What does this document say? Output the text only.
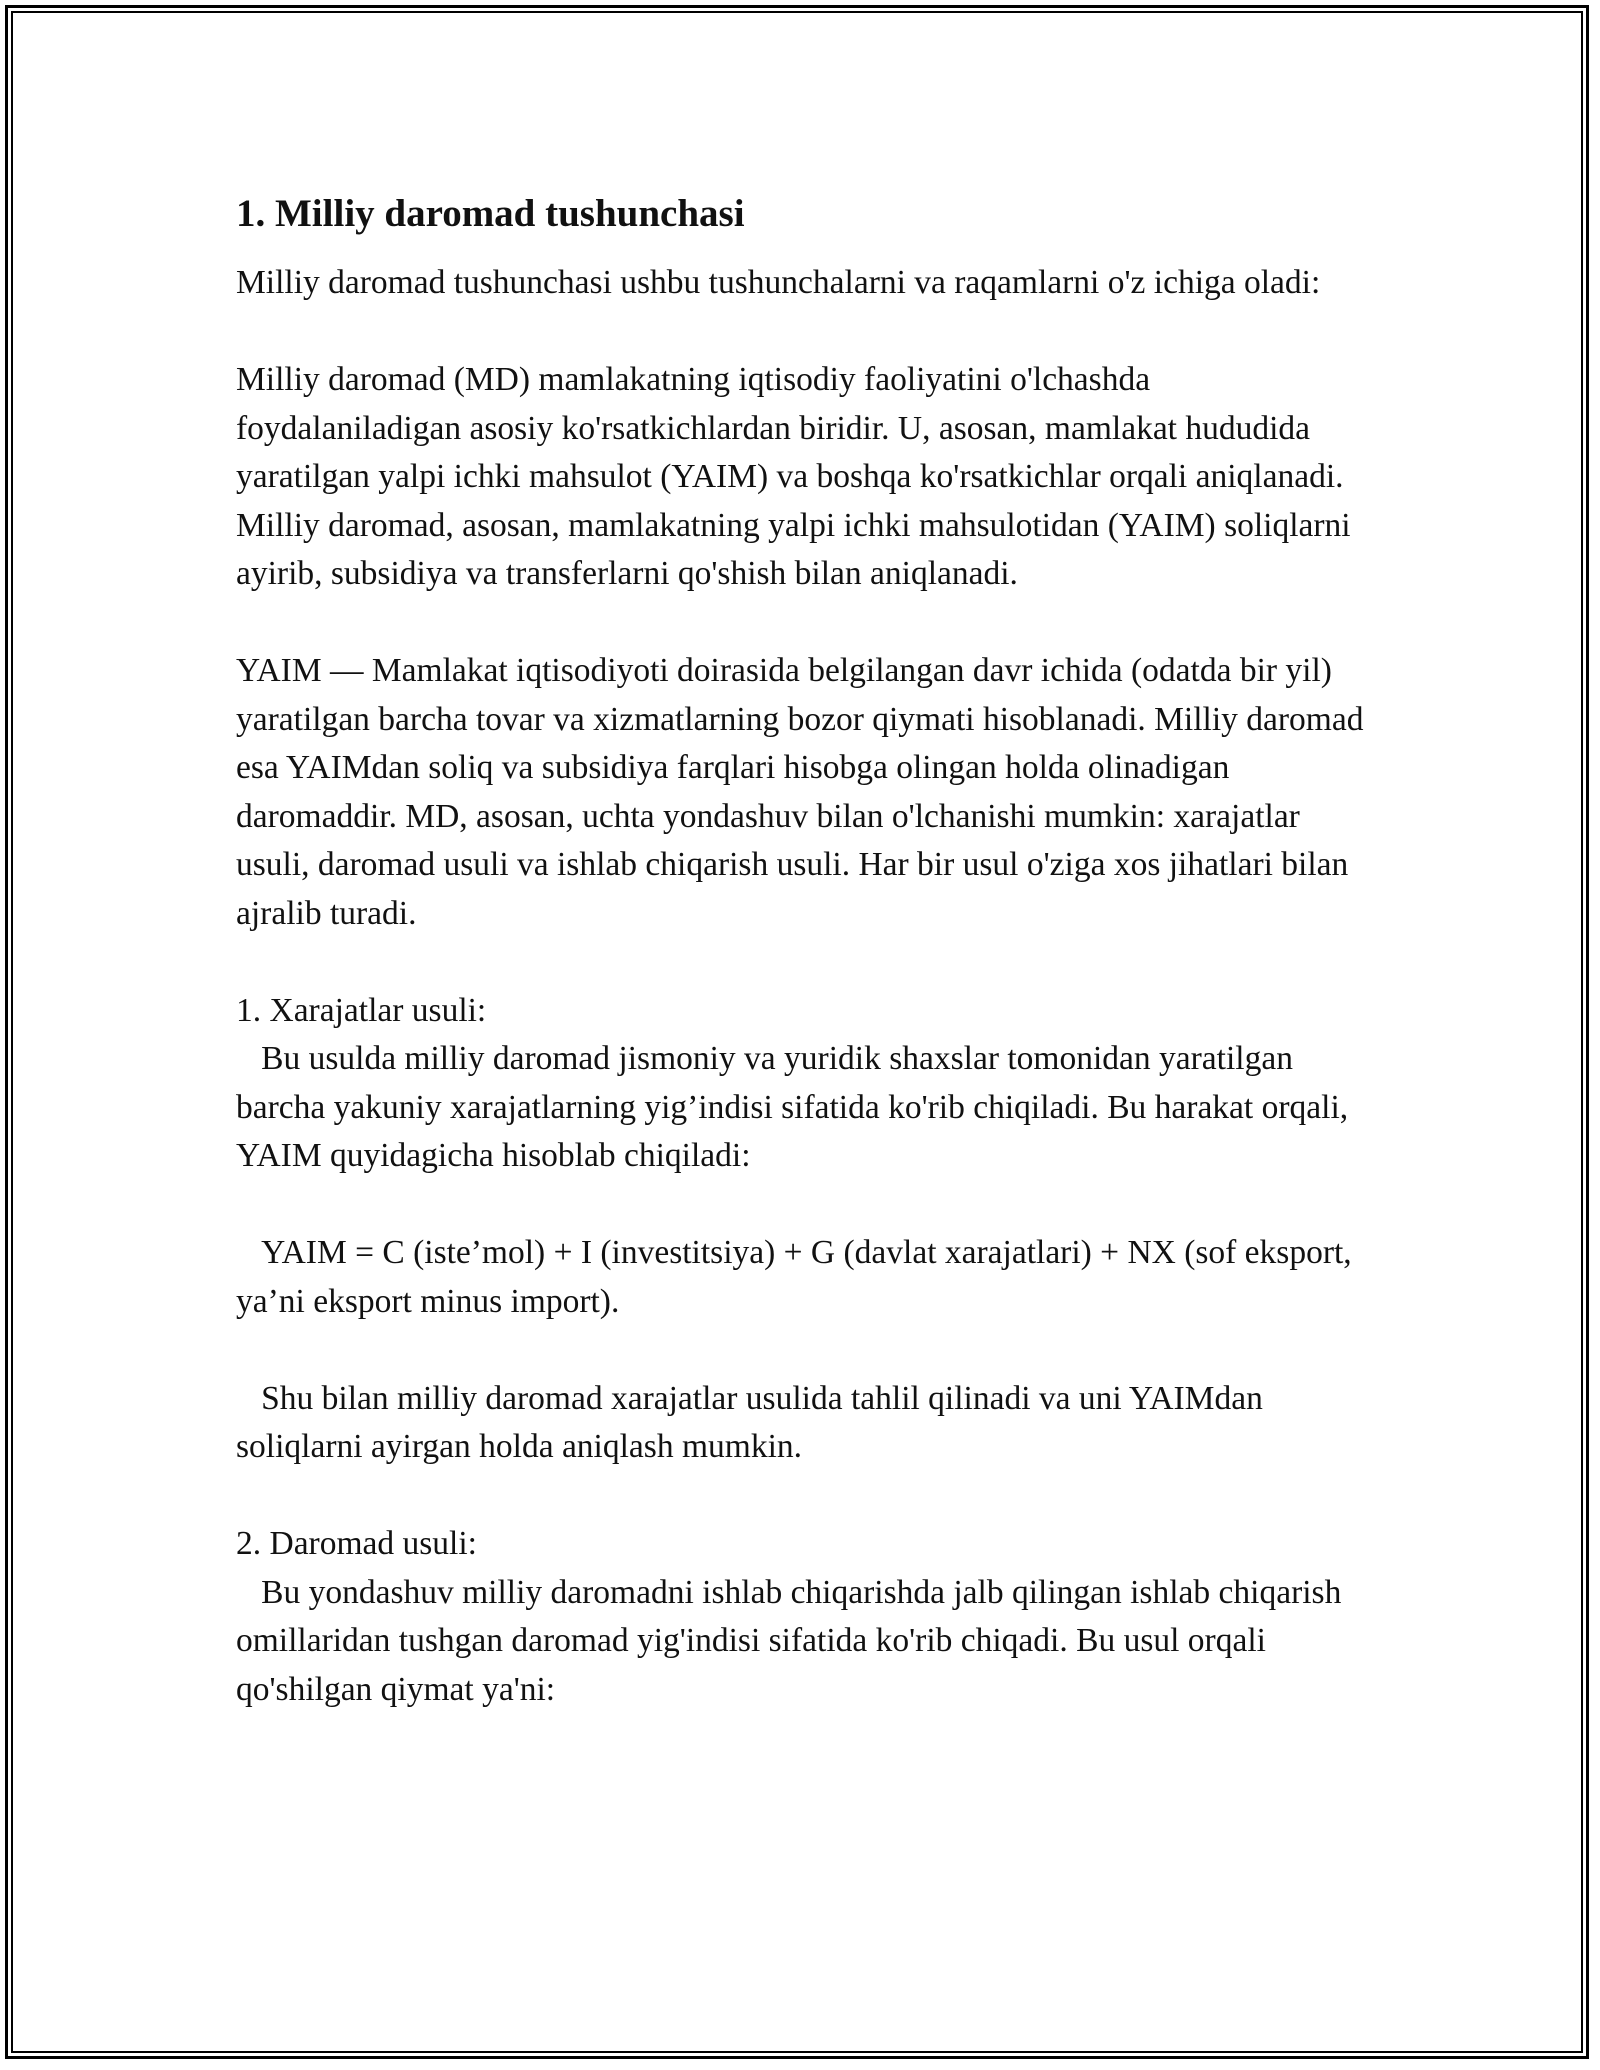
1. Milliy daromad tushunchasi

Milliy daromad tushunchasi ushbu tushunchalarni va raqamlarni o'z ichiga oladi:

Milliy daromad (MD) mamlakatning iqtisodiy faoliyatini o'lchashda foydalaniladigan asosiy ko'rsatkichlardan biridir. U, asosan, mamlakat hududida yaratilgan yalpi ichki mahsulot (YAIM) va boshqa ko'rsatkichlar orqali aniqlanadi. Milliy daromad, asosan, mamlakatning yalpi ichki mahsulotidan (YAIM) soliqlarni ayirib, subsidiya va transferlarni qo'shish bilan aniqlanadi.

YAIM — Mamlakat iqtisodiyoti doirasida belgilangan davr ichida (odatda bir yil) yaratilgan barcha tovar va xizmatlarning bozor qiymati hisoblanadi. Milliy daromad esa YAIMdan soliq va subsidiya farqlari hisobga olingan holda olinadigan daromaddir. MD, asosan, uchta yondashuv bilan o'lchanishi mumkin: xarajatlar usuli, daromad usuli va ishlab chiqarish usuli. Har bir usul o'ziga xos jihatlari bilan ajralib turadi.

1. Xarajatlar usuli:

Bu usulda milliy daromad jismoniy va yuridik shaxslar tomonidan yaratilgan barcha yakuniy xarajatlarning yig’indisi sifatida ko'rib chiqiladi. Bu harakat orqali, YAIM quyidagicha hisoblab chiqiladi:

YAIM = C (iste’mol) + I (investitsiya) + G (davlat xarajatlari) + NX (sof eksport, ya’ni eksport minus import).

Shu bilan milliy daromad xarajatlar usulida tahlil qilinadi va uni YAIMdan soliqlarni ayirgan holda aniqlash mumkin.

2. Daromad usuli:

Bu yondashuv milliy daromadni ishlab chiqarishda jalb qilingan ishlab chiqarish omillaridan tushgan daromad yig'indisi sifatida ko'rib chiqadi. Bu usul orqali qo'shilgan qiymat ya'ni:
